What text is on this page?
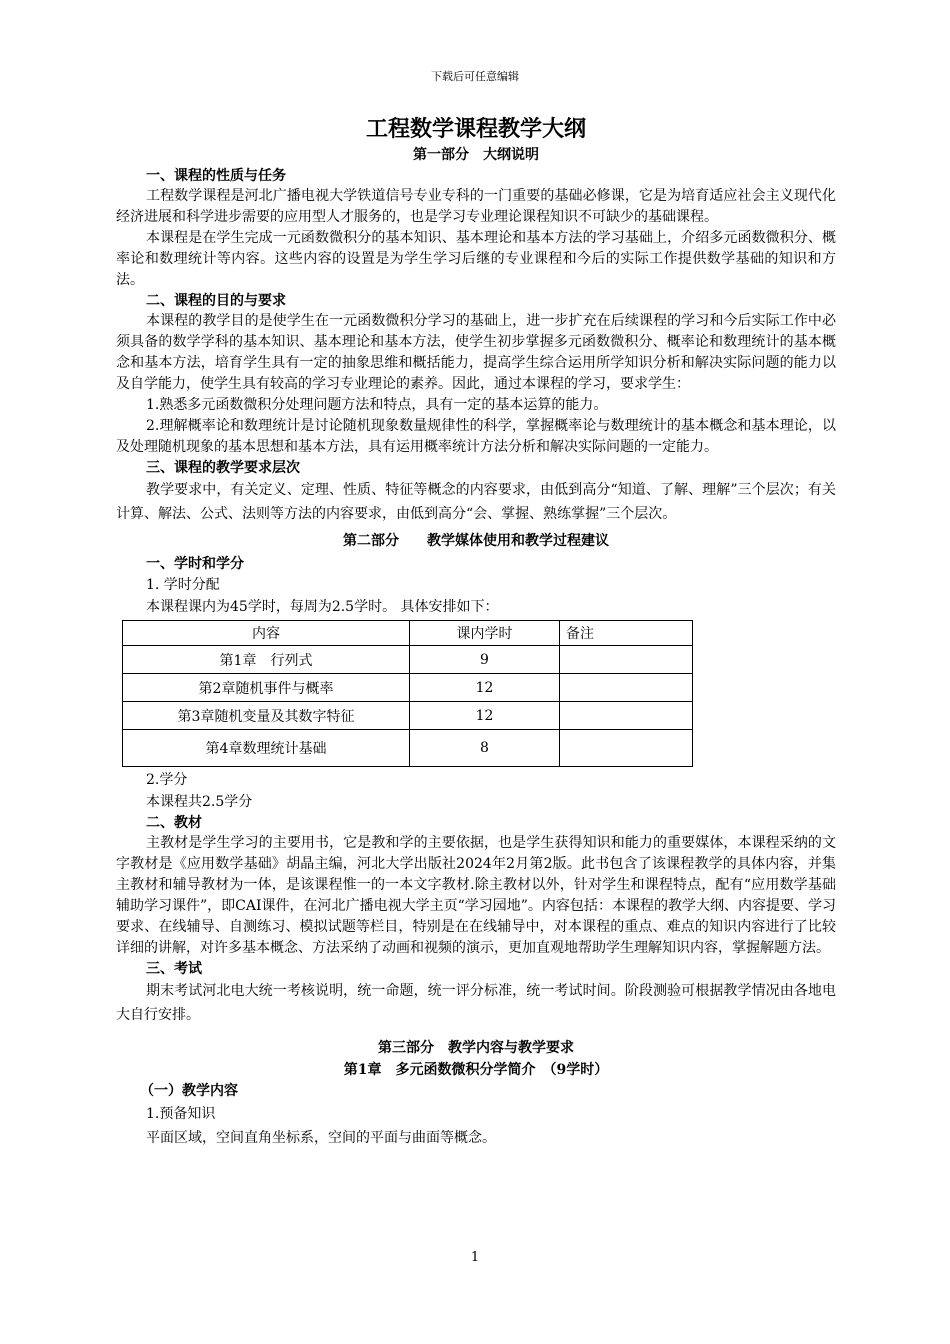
下载后可任意编辑
工程数学课程教学大纲
第一部分　大纲说明
一、课程的性质与任务

工程数学课程是河北广播电视大学铁道信号专业专科的一门重要的基础必修课，它是为培育适应社会主义现代化经济进展和科学进步需要的应用型人才服务的，也是学习专业理论课程知识不可缺少的基础课程。

本课程是在学生完成一元函数微积分的基本知识、基本理论和基本方法的学习基础上，介绍多元函数微积分、概率论和数理统计等内容。这些内容的设置是为学生学习后继的专业课程和今后的实际工作提供数学基础的知识和方法。

二、课程的目的与要求

本课程的教学目的是使学生在一元函数微积分学习的基础上，进一步扩充在后续课程的学习和今后实际工作中必须具备的数学学科的基本知识、基本理论和基本方法，使学生初步掌握多元函数微积分、概率论和数理统计的基本概念和基本方法，培育学生具有一定的抽象思维和概括能力，提高学生综合运用所学知识分析和解决实际问题的能力以及自学能力，使学生具有较高的学习专业理论的素养。因此，通过本课程的学习，要求学生：

1.熟悉多元函数微积分处理问题方法和特点，具有一定的基本运算的能力。

2.理解概率论和数理统计是讨论随机现象数量规律性的科学，掌握概率论与数理统计的基本概念和基本理论，以及处理随机现象的基本思想和基本方法，具有运用概率统计方法分析和解决实际问题的一定能力。

三、课程的教学要求层次

教学要求中，有关定义、定理、性质、特征等概念的内容要求，由低到高分“知道、了解、理解”三个层次；有关计算、解法、公式、法则等方法的内容要求，由低到高分“会、掌握、熟练掌握”三个层次。

第二部分　　教学媒体使用和教学过程建议
一、学时和学分
1. 学时分配
本课程课内为45学时，每周为2.5学时。 具体安排如下：
内容	课内学时	备注
第1章　行列式	9	
第2章随机事件与概率	12	
第3章随机变量及其数字特征	12	
第4章数理统计基础	8	
2.学分
本课程共2.5学分
二、教材

主教材是学生学习的主要用书，它是教和学的主要依据，也是学生获得知识和能力的重要媒体，本课程采纳的文字教材是《应用数学基础》胡晶主编，河北大学出版社2024年2月第2版。此书包含了该课程教学的具体内容，并集主教材和辅导教材为一体，是该课程惟一的一本文字教材.除主教材以外，针对学生和课程特点，配有“应用数学基础辅助学习课件”，即CAI课件，在河北广播电视大学主页“学习园地”。内容包括：本课程的教学大纲、内容提要、学习要求、在线辅导、自测练习、模拟试题等栏目，特别是在在线辅导中，对本课程的重点、难点的知识内容进行了比较详细的讲解，对许多基本概念、方法采纳了动画和视频的演示，更加直观地帮助学生理解知识内容，掌握解题方法。

三、考试

期末考试河北电大统一考核说明，统一命题，统一评分标准，统一考试时间。阶段测验可根据教学情况由各地电大自行安排。

第三部分　教学内容与教学要求
第1章　多元函数微积分学简介　（9学时）
（一）教学内容
1.预备知识
平面区域，空间直角坐标系，空间的平面与曲面等概念。
1
